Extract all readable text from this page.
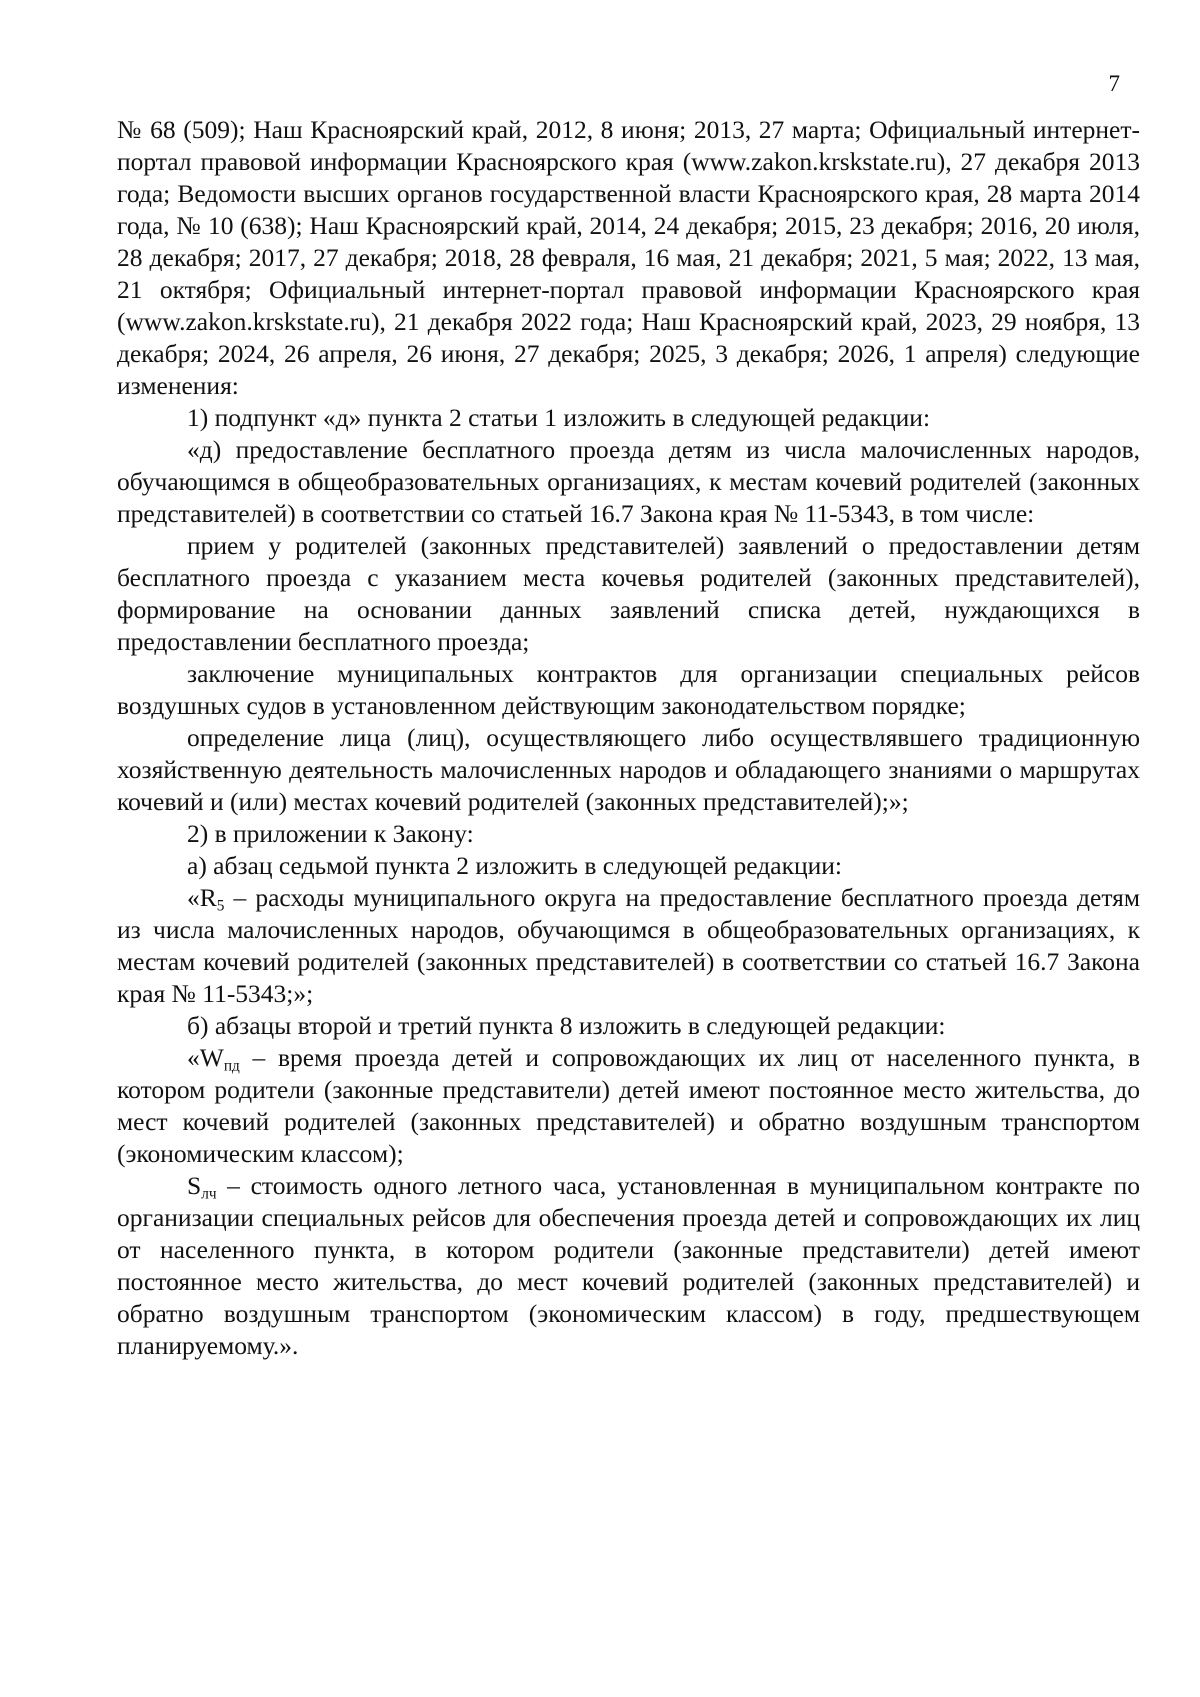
7

№ 68 (509); Наш Красноярский край, 2012, 8 июня; 2013, 27 марта; Официальный интернет-портал правовой информации Красноярского края (www.zakon.krskstate.ru), 27 декабря 2013 года; Ведомости высших органов государственной власти Красноярского края, 28 марта 2014 года, № 10 (638); Наш Красноярский край, 2014, 24 декабря; 2015, 23 декабря; 2016, 20 июля, 28 декабря; 2017, 27 декабря; 2018, 28 февраля, 16 мая, 21 декабря; 2021, 5 мая; 2022, 13 мая, 21 октября; Официальный интернет-портал правовой информации Красноярского края (www.zakon.krskstate.ru), 21 декабря 2022 года; Наш Красноярский край, 2023, 29 ноября, 13 декабря; 2024, 26 апреля, 26 июня, 27 декабря; 2025, 3 декабря; 2026, 1 апреля) следующие изменения:

1) подпункт «д» пункта 2 статьи 1 изложить в следующей редакции:

«д) предоставление бесплатного проезда детям из числа малочисленных народов, обучающимся в общеобразовательных организациях, к местам кочевий родителей (законных представителей) в соответствии со статьей 16.7 Закона края № 11-5343, в том числе:

прием у родителей (законных представителей) заявлений о предоставлении детям бесплатного проезда с указанием места кочевья родителей (законных представителей), формирование на основании данных заявлений списка детей, нуждающихся в предоставлении бесплатного проезда;

заключение муниципальных контрактов для организации специальных рейсов воздушных судов в установленном действующим законодательством порядке;

определение лица (лиц), осуществляющего либо осуществлявшего традиционную хозяйственную деятельность малочисленных народов и обладающего знаниями о маршрутах кочевий и (или) местах кочевий родителей (законных представителей);»;

2) в приложении к Закону:

а) абзац седьмой пункта 2 изложить в следующей редакции:

«$R_5$ – расходы муниципального округа на предоставление бесплатного проезда детям из числа малочисленных народов, обучающимся в общеобразовательных организациях, к местам кочевий родителей (законных представителей) в соответствии со статьей 16.7 Закона края № 11-5343;»;

б) абзацы второй и третий пункта 8 изложить в следующей редакции:

«$W_{пд}$ – время проезда детей и сопровождающих их лиц от населенного пункта, в котором родители (законные представители) детей имеют постоянное место жительства, до мест кочевий родителей (законных представителей) и обратно воздушным транспортом (экономическим классом);

$S_{лч}$ – стоимость одного летного часа, установленная в муниципальном контракте по организации специальных рейсов для обеспечения проезда детей и сопровождающих их лиц от населенного пункта, в котором родители (законные представители) детей имеют постоянное место жительства, до мест кочевий родителей (законных представителей) и обратно воздушным транспортом (экономическим классом) в году, предшествующем планируемому.».
